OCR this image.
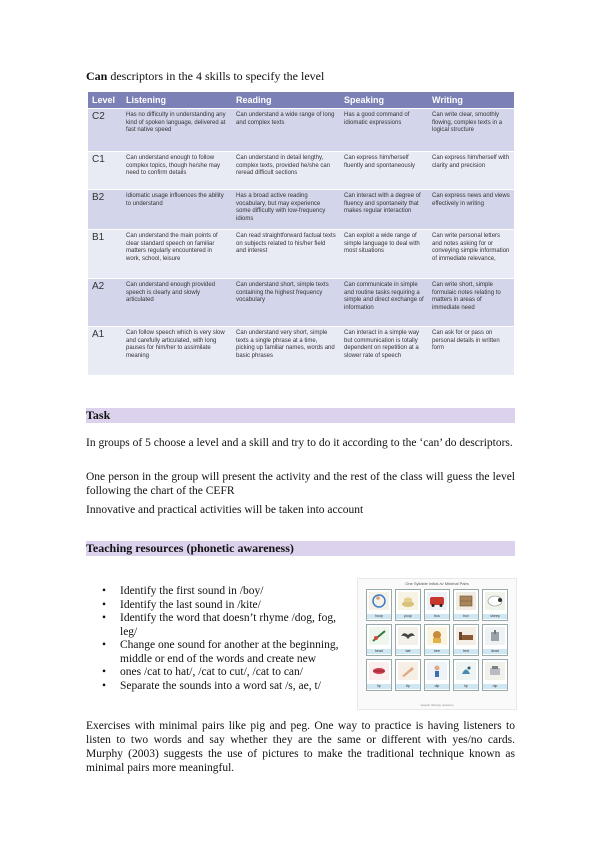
Can descriptors in the 4 skills to specify the level
Level	Listening	Reading	Speaking	Writing
C2	Has no difficulty in understanding any kind of spoken language, delivered at fast native speed	Can understand a wide range of long and complex texts	Has a good command of idiomatic expressions	Can write clear, smoothly flowing, complex texts in a logical structure
C1	Can understand enough to follow complex topics, though he/she may need to confirm details	Can understand in detail lengthy, complex texts, provided he/she can reread difficult sections	Can express him/herself fluently and spontaneously	Can express him/herself with clarity and precision
B2	Idiomatic usage influences the ability to understand	Has a broad active reading vocabulary, but may experience some difficulty with low-frequency idioms	Can interact with a degree of fluency and spontaneity that makes regular interaction	Can express news and views effectively in writing
B1	Can understand the main points of clear standard speech on familiar matters regularly encountered in work, school, leisure	Can read straightforward factual texts on subjects related to his/her field and interest	Can exploit a wide range of simple language to deal with most situations	Can write personal letters and notes asking for or conveying simple information of immediate relevance,
A2	Can understand enough provided speech is clearly and slowly articulated	Can understand short, simple texts containing the highest frequency vocabulary	Can communicate in simple and routine tasks requiring a simple and direct exchange of information	Can write short, simple formulaic notes relating to matters in areas of immediate need
A1	Can follow speech which is very slow and carefully articulated, with long pauses for him/her to assimilate meaning	Can understand very short, simple texts a single phrase at a time, picking up familiar names, words and basic phrases	Can interact in a simple way but communication is totally dependent on repetition at a slower rate of speech	Can ask for or pass on personal details in written form
Task
In groups of 5 choose a level and a skill and try to do it according to the ‘can’ do descriptors.
One person in the group will present the activity and the rest of the class will guess the level following the chart of the CEFR
Innovative and practical activities will be taken into account
Teaching resources (phonetic awareness)
• Identify the first sound in /boy/
• Identify the last sound in /kite/
• Identify the word that doesn’t rhyme /dog, fog, leg/
• Change one sound for another at the beginning, middle or end of the words and create new
• ones /cat to hat/, /cat to cut/, /cat to can/
• Separate the sounds into a word sat /s, ae, t/
One Syllable Initial /s/ Minimal Pairs
hoop	poop	bus	box	sheep
bead	bat	bee	bed	dead
lip	tip	dip	lip	nip
speech therapy resource
Exercises with minimal pairs like pig and peg. One way to practice is having listeners to listen to two words and say whether they are the same or different with yes/no cards. Murphy (2003) suggests the use of pictures to make the traditional technique known as minimal pairs more meaningful.
